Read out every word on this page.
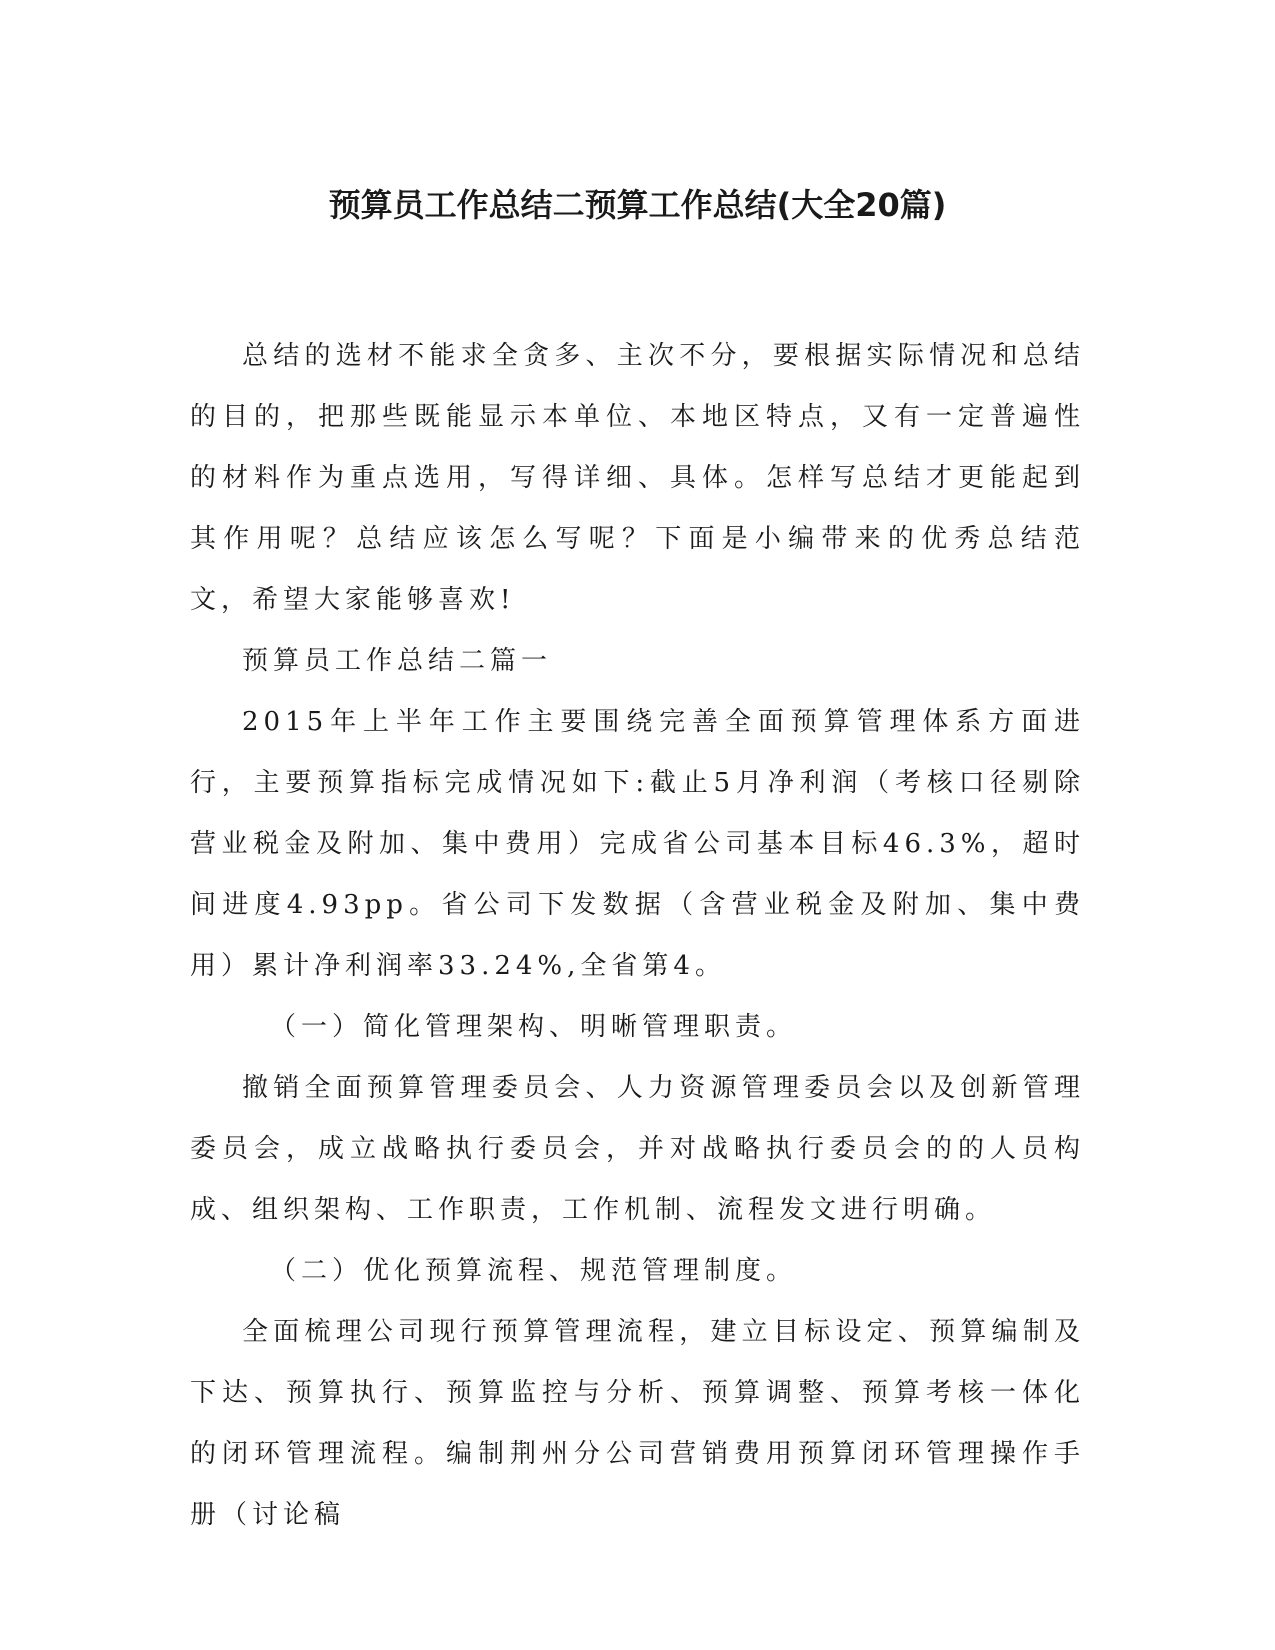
预算员工作总结二预算工作总结(大全20篇)

总结的选材不能求全贪多、主次不分，要根据实际情况和总结的目的，把那些既能显示本单位、本地区特点，又有一定普遍性的材料作为重点选用，写得详细、具体。怎样写总结才更能起到其作用呢？总结应该怎么写呢？下面是小编带来的优秀总结范文，希望大家能够喜欢!

预算员工作总结二篇一

2015年上半年工作主要围绕完善全面预算管理体系方面进行，主要预算指标完成情况如下:截止5月净利润（考核口径剔除营业税金及附加、集中费用）完成省公司基本目标46.3%，超时间进度4.93pp。省公司下发数据（含营业税金及附加、集中费用）累计净利润率33.24%,全省第4。

（一）简化管理架构、明晰管理职责。

撤销全面预算管理委员会、人力资源管理委员会以及创新管理委员会，成立战略执行委员会，并对战略执行委员会的的人员构成、组织架构、工作职责，工作机制、流程发文进行明确。

（二）优化预算流程、规范管理制度。

全面梳理公司现行预算管理流程，建立目标设定、预算编制及下达、预算执行、预算监控与分析、预算调整、预算考核一体化的闭环管理流程。编制荆州分公司营销费用预算闭环管理操作手册（讨论稿
